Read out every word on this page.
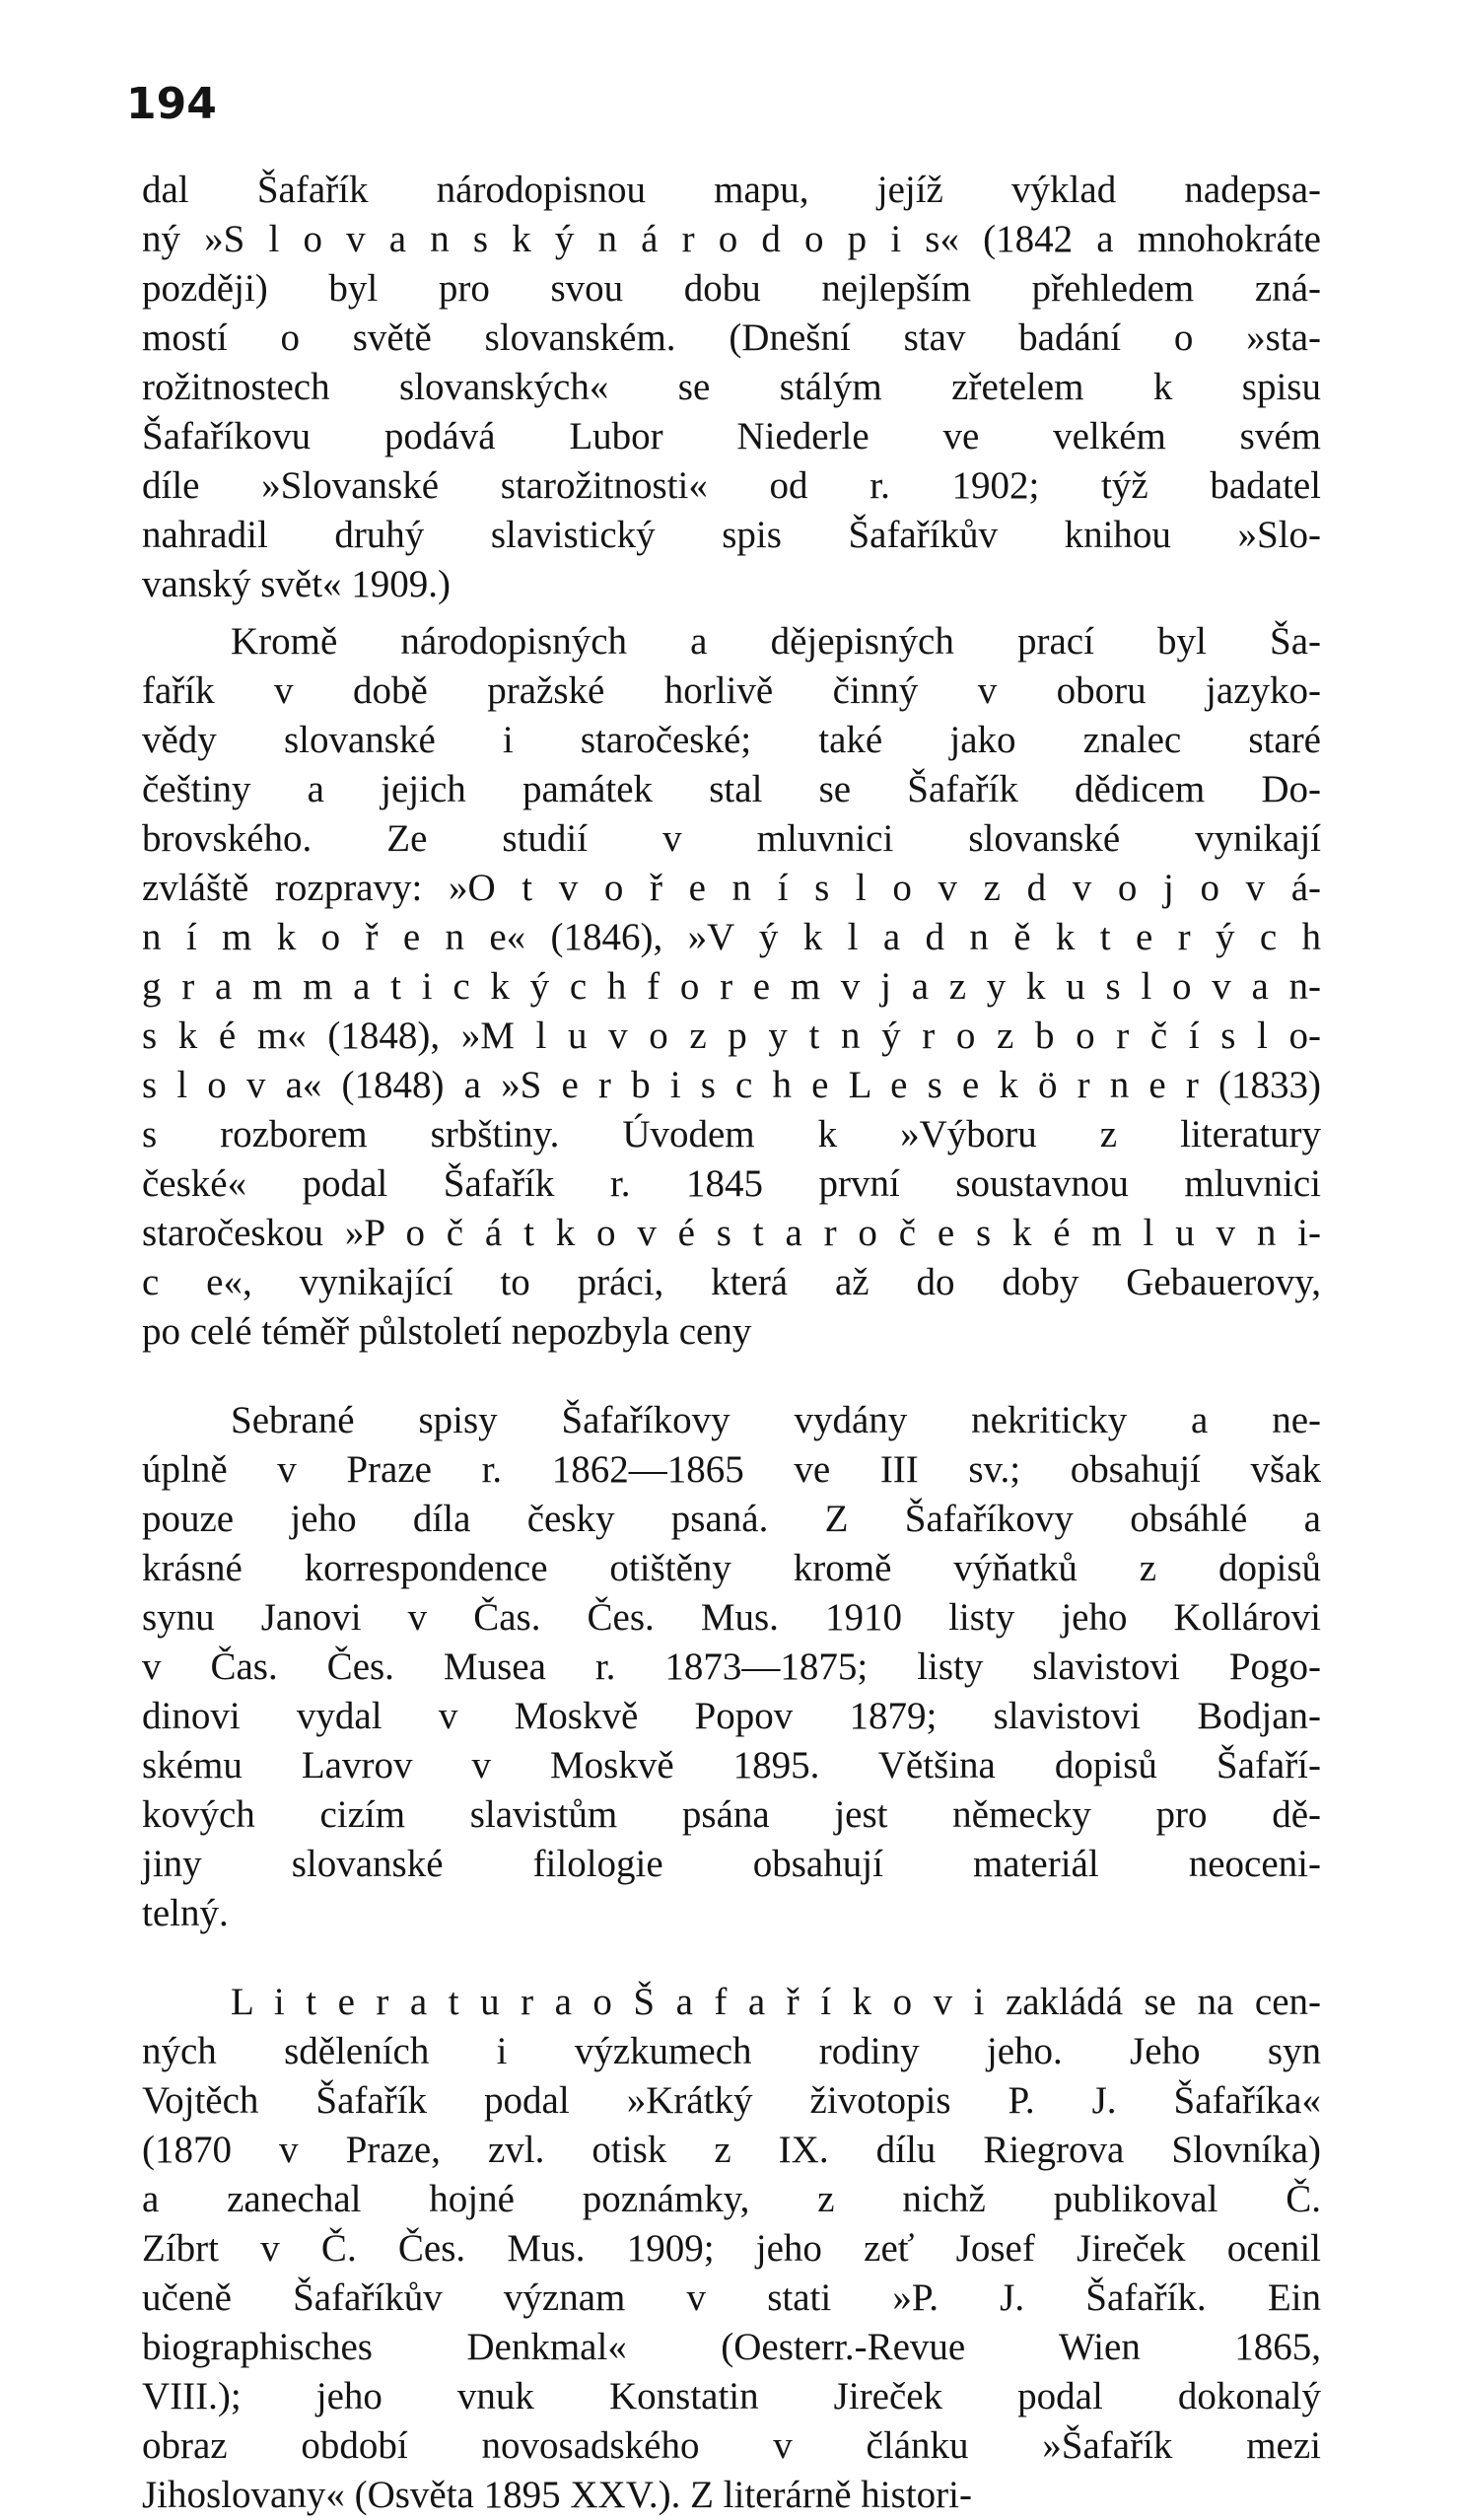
194
dal Šafařík národopisnou mapu, jejíž výklad nadepsa-
ný »S l o v a n s k ý n á r o d o p i s« (1842 a mnohokráte
později) byl pro svou dobu nejlepším přehledem zná-
mostí o světě slovanském. (Dnešní stav badání o »sta-
rožitnostech slovanských« se stálým zřetelem k spisu
Šafaříkovu podává Lubor Niederle ve velkém svém
díle »Slovanské starožitnosti« od r. 1902; týž badatel
nahradil druhý slavistický spis Šafaříkův knihou »Slo-
vanský svět« 1909.)
Kromě národopisných a dějepisných prací byl Ša-
fařík v době pražské horlivě činný v oboru jazyko-
vědy slovanské i staročeské; také jako znalec staré
češtiny a jejich památek stal se Šafařík dědicem Do-
brovského. Ze studií v mluvnici slovanské vynikají
zvláště rozpravy: »O t v o ř e n í s l o v z d v o j o v á-
n í m k o ř e n e« (1846), »V ý k l a d n ě k t e r ý c h
g r a m m a t i c k ý c h f o r e m v j a z y k u s l o v a n-
s k é m« (1848), »M l u v o z p y t n ý r o z b o r č í s l o-
s l o v a« (1848) a »S e r b i s c h e L e s e k ö r n e r (1833)
s rozborem srbštiny. Úvodem k »Výboru z literatury
české« podal Šafařík r. 1845 první soustavnou mluvnici
staročeskou »P o č á t k o v é s t a r o č e s k é m l u v n i-
c e«, vynikající to práci, která až do doby Gebauerovy,
po celé téměř půlstoletí nepozbyla ceny
Sebrané spisy Šafaříkovy vydány nekriticky a ne-
úplně v Praze r. 1862—1865 ve III sv.; obsahují však
pouze jeho díla česky psaná. Z Šafaříkovy obsáhlé a
krásné korrespondence otištěny kromě výňatků z dopisů
synu Janovi v Čas. Čes. Mus. 1910 listy jeho Kollárovi
v Čas. Čes. Musea r. 1873—1875; listy slavistovi Pogo-
dinovi vydal v Moskvě Popov 1879; slavistovi Bodjan-
skému Lavrov v Moskvě 1895. Většina dopisů Šafaří-
kových cizím slavistům psána jest německy pro dě-
jiny slovanské filologie obsahují materiál neoceni-
telný.
L i t e r a t u r a o Š a f a ř í k o v i zakládá se na cen-
ných sděleních i výzkumech rodiny jeho. Jeho syn
Vojtěch Šafařík podal »Krátký životopis P. J. Šafaříka«
(1870 v Praze, zvl. otisk z IX. dílu Riegrova Slovníka)
a zanechal hojné poznámky, z nichž publikoval Č.
Zíbrt v Č. Čes. Mus. 1909; jeho zeť Josef Jireček ocenil
učeně Šafaříkův význam v stati »P. J. Šafařík. Ein
biographisches Denkmal« (Oesterr.-Revue Wien 1865,
VIII.); jeho vnuk Konstatin Jireček podal dokonalý
obraz období novosadského v článku »Šafařík mezi
Jihoslovany« (Osvěta 1895 XXV.). Z literárně histori-
